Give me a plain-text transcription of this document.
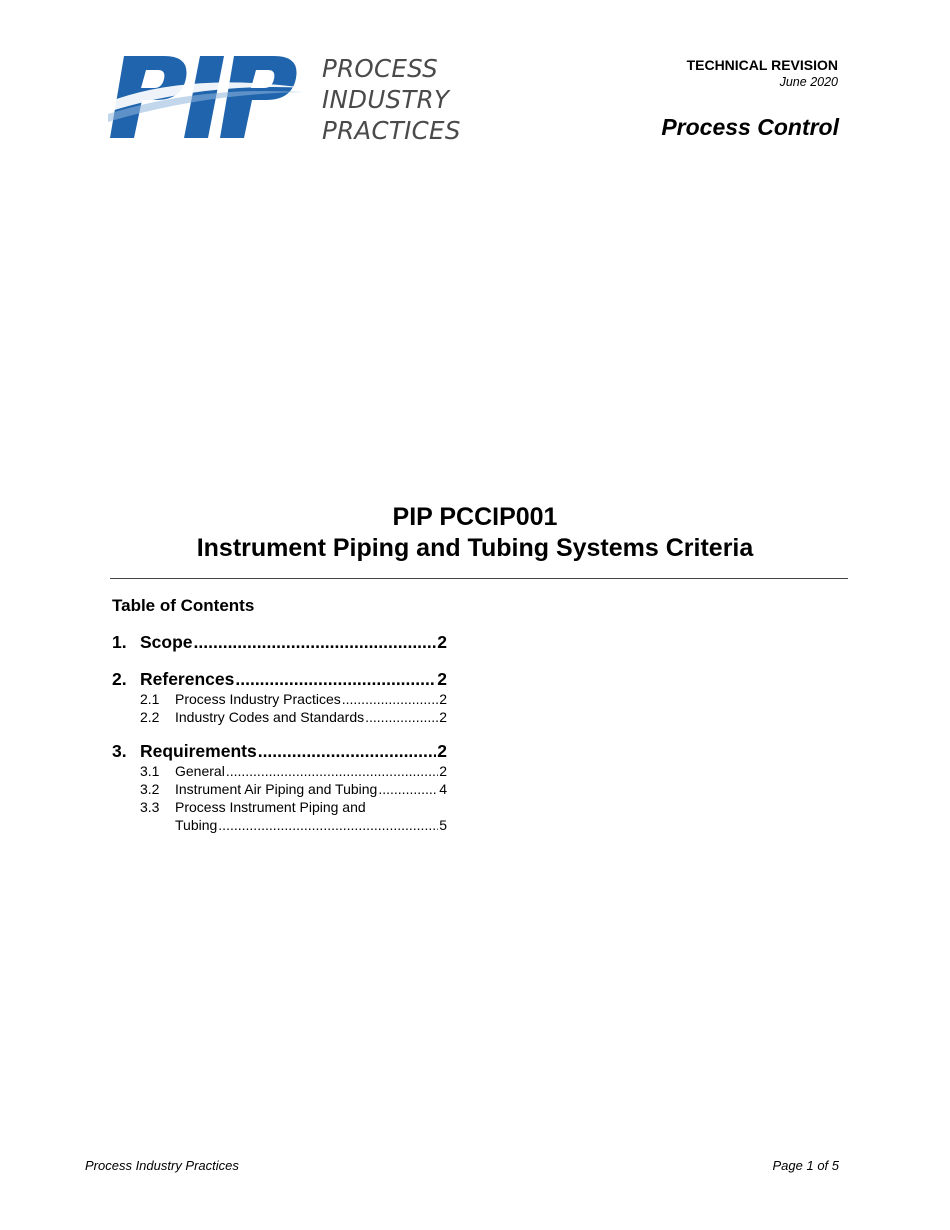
PROCESS
INDUSTRY
PRACTICES
TECHNICAL REVISION
June 2020
Process Control
PIP PCCIP001
Instrument Piping and Tubing Systems Criteria
Table of Contents
1. Scope .....	2
2. References .....	2
2.1	Process Industry Practices .....	2
2.2	Industry Codes and Standards .....	2
3. Requirements .....	2
3.1	General .....	2
3.2	Instrument Air Piping and Tubing .....	4
3.3	Process Instrument Piping and
Tubing .....	5
Process Industry Practices	Page 1 of 5
